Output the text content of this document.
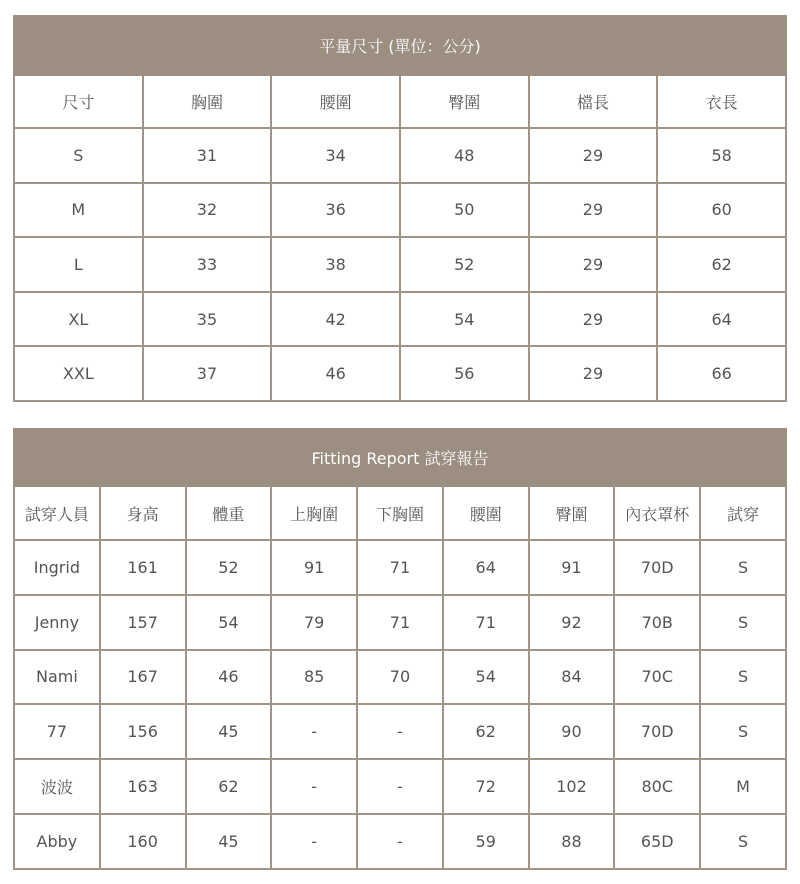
平量尺寸 (單位：公分)					
尺寸	胸圍	腰圍	臀圍	檔長	衣長
S	31	34	48	29	58
M	32	36	50	29	60
L	33	38	52	29	62
XL	35	42	54	29	64
XXL	37	46	56	29	66
Fitting Report 試穿報告								
試穿人員	身高	體重	上胸圍	下胸圍	腰圍	臀圍	內衣罩杯	試穿
Ingrid	161	52	91	71	64	91	70D	S
Jenny	157	54	79	71	71	92	70B	S
Nami	167	46	85	70	54	84	70C	S
77	156	45	-	-	62	90	70D	S
波波	163	62	-	-	72	102	80C	M
Abby	160	45	-	-	59	88	65D	S
